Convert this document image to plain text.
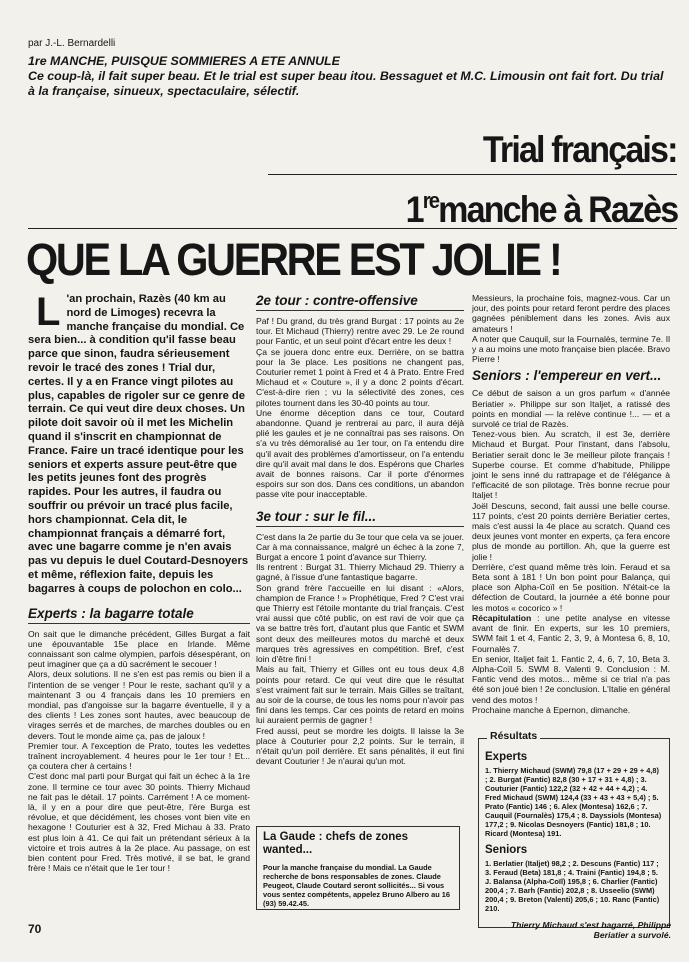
par J.-L. Bernardelli
1re MANCHE, PUISQUE SOMMIERES A ETE ANNULE
Ce coup-là, il fait super beau. Et le trial est super beau itou. Bessaguet et M.C. Limousin ont fait fort. Du trial à la française, sinueux, spectaculaire, sélectif.
Trial français:
1remanche à Razès
QUE LA GUERRE EST JOLIE !
L 'an prochain, Razès (40 km au nord de Limoges) recevra la manche française du mondial. Ce sera bien... à condition qu'il fasse beau parce que sinon, faudra sérieusement revoir le tracé des zones ! Trial dur, certes. Il y a en France vingt pilotes au plus, capables de rigoler sur ce genre de terrain. Ce qui veut dire deux choses. Un pilote doit savoir où il met les Michelin quand il s'inscrit en championnat de France. Faire un tracé identique pour les seniors et experts assure peut-être que les petits jeunes font des progrès rapides. Pour les autres, il faudra ou souffrir ou prévoir un tracé plus facile, hors championnat. Cela dit, le championnat français a démarré fort, avec une bagarre comme je n'en avais pas vu depuis le duel Coutard-Desnoyers et même, réflexion faite, depuis les bagarres à coups de polochon en colo...
Experts : la bagarre totale

On sait que le dimanche précédent, Gilles Burgat a fait une épouvantable 15e place en Irlande. Même connaissant son calme olympien, parfois désespérant, on peut imaginer que ça a dû sacrément le secouer !

Alors, deux solutions. Il ne s'en est pas remis ou bien il a l'intention de se venger ! Pour le reste, sachant qu'il y a maintenant 3 ou 4 français dans les 10 premiers en mondial, pas d'angoisse sur la bagarre éventuelle, il y a des clients ! Les zones sont hautes, avec beaucoup de virages serrés et de marches, de marches doubles ou en devers. Tout le monde aime ça, pas de jaloux !

Premier tour. A l'exception de Prato, toutes les vedettes traînent incroyablement. 4 heures pour le 1er tour ! Et... ça coutera cher à certains !

C'est donc mal parti pour Burgat qui fait un échec à la 1re zone. Il termine ce tour avec 30 points. Thierry Michaud ne fait pas le détail. 17 points. Carrément ! A ce moment-là, il y en a pour dire que peut-être, l'ère Burga est révolue, et que décidément, les choses vont bien vite en hexagone ! Couturier est à 32, Fred Michau à 33. Prato est plus loin à 41. Ce qui fait un prétendant sérieux à la victoire et trois autres à la 2e place. Au passage, on est bien content pour Fred. Très motivé, il se bat, le grand frère ! Mais ce n'était que le 1er tour !

2e tour : contre-offensive

Paf ! Du grand, du très grand Burgat : 17 points au 2e tour. Et Michaud (Thierry) rentre avec 29. Le 2e round pour Fantic, et un seul point d'écart entre les deux !

Ça se jouera donc entre eux. Derrière, on se battra pour la 3e place. Les positions ne changent pas, Couturier remet 1 point à Fred et 4 à Prato. Entre Fred Michaud et « Couture », il y a donc 2 points d'écart. C'est-à-dire rien ; vu la sélectivité des zones, ces pilotes tournent dans les 30-40 points au tour.

Une énorme déception dans ce tour, Coutard abandonne. Quand je rentrerai au parc, il aura déjà plié les gaules et je ne connaîtrai pas ses raisons. On s'a vu très démoralisé au 1er tour, on l'a entendu dire qu'il avait des problèmes d'amortisseur, on l'a entendu dire qu'il avait mal dans le dos. Espérons que Charles avait de bonnes raisons. Car il porte d'énormes espoirs sur son dos. Dans ces conditions, un abandon passe vite pour inacceptable.

3e tour : sur le fil...

C'est dans la 2e partie du 3e tour que cela va se jouer. Car à ma connaissance, malgré un échec à la zone 7, Burgat a encore 1 point d'avance sur Thierry.

Ils rentrent : Burgat 31. Thierry Michaud 29. Thierry a gagné, à l'issue d'une fantastique bagarre.

Son grand frère l'accueille en lui disant : «Alors, champion de France ! » Prophétique, Fred ? C'est vrai que Thierry est l'étoile montante du trial français. C'est vrai aussi que côté public, on est ravi de voir que ça va se battre très fort, d'autant plus que Fantic et SWM sont deux des meilleures motos du marché et deux marques très agressives en compétition. Bref, c'est loin d'être fini !

Mais au fait, Thierry et Gilles ont eu tous deux 4,8 points pour retard. Ce qui veut dire que le résultat s'est vraiment fait sur le terrain. Mais Gilles se traîtant, au soir de la course, de tous les noms pour n'avoir pas fini dans les temps. Car ces points de retard en moins lui auraient permis de gagner !

Fred aussi, peut se mordre les doigts. Il laisse la 3e place à Couturier pour 2,2 points. Sur le terrain, il n'était qu'un poil derrière. Et sans pénalités, il eut fini devant Couturier ! Je n'aurai qu'un mot.

La Gaude : chefs de zones wanted...
Pour la manche française du mondial. La Gaude recherche de bons responsables de zones. Claude Peugeot, Claude Coutard seront sollicités... Si vous vous sentez compétents, appelez Bruno Albero au 16 (93) 59.42.45.

Messieurs, la prochaine fois, magnez-vous. Car un jour, des points pour retard feront perdre des places gagnées péniblement dans les zones. Avis aux amateurs !

A noter que Cauquil, sur la Fournalès, termine 7e. Il y a au moins une moto française bien placée. Bravo Pierre !

Seniors : l'empereur en vert...

Ce début de saison a un gros parfum « d'année Beriatier ». Philippe sur son Italjet, a ratissé des points en mondial — la relève continue !... — et a survolé ce trial de Razès.

Tenez-vous bien. Au scratch, il est 3e, derrière Michaud et Burgat. Pour l'instant, dans l'absolu, Beriatier serait donc le 3e meilleur pilote français ! Superbe course. Et comme d'habitude, Philippe joint le sens inné du rattrapage et de l'élégance à l'efficacité de son pilotage. Très bonne recrue pour Italjet !

Joël Descuns, second, fait aussi une belle course. 117 points, c'est 20 points derrière Beriatier certes, mais c'est aussi la 4e place au scratch. Quand ces deux jeunes vont monter en experts, ça fera encore plus de monde au portillon. Ah, que la guerre est jolie !

Derrière, c'est quand même très loin. Feraud et sa Beta sont à 181 ! Un bon point pour Balança, qui place son Alpha-Coïl en 5e position. N'était-ce la défection de Coutard, la journée a été bonne pour les motos « cocorico » !

Récapitulation : une petite analyse en vitesse avant de finir. En experts, sur les 10 premiers, SWM fait 1 et 4, Fantic 2, 3, 9, à Montesa 6, 8, 10, Fournalès 7.

En senior, Italjet fait 1. Fantic 2, 4, 6, 7, 10, Beta 3. Alpha-Coïl 5. SWM 8. Valenti 9. Conclusion : M. Fantic vend des motos... même si ce trial n'a pas été son joué bien ! 2e conclusion. L'Italie en général vend des motos !

Prochaine manche à Epernon, dimanche.

Résultats
Experts
1. Thierry Michaud (SWM) 79,8 (17 + 29 + 29 + 4,8) ; 2. Burgat (Fantic) 82,8 (30 + 17 + 31 + 4,8) ; 3. Couturier (Fantic) 122,2 (32 + 42 + 44 + 4,2) ; 4. Fred Michaud (SWM) 124,4 (33 + 43 + 43 + 5,4) ; 5. Prato (Fantic) 146 ; 6. Alex (Montesa) 162,6 ; 7. Cauquil (Fournalès) 175,4 ; 8. Dayssiols (Montesa) 177,2 ; 9. Nicolas Desnoyers (Fantic) 181,8 ; 10. Ricard (Montesa) 191.
Seniors
1. Berlatier (Italjet) 98,2 ; 2. Descuns (Fantic) 117 ; 3. Feraud (Beta) 181,8 ; 4. Traini (Fantic) 194,8 ; 5. J. Balansa (Alpha-Coïl) 195,8 ; 6. Charlier (Fantic) 200,4 ; 7. Barh (Fantic) 202,8 ; 8. Usseelio (SWM) 200,4 ; 9. Breton (Valenti) 205,6 ; 10. Ranc (Fantic) 210.
70	Thierry Michaud s'est bagarré, Philippe
Beriatier a survolé.
